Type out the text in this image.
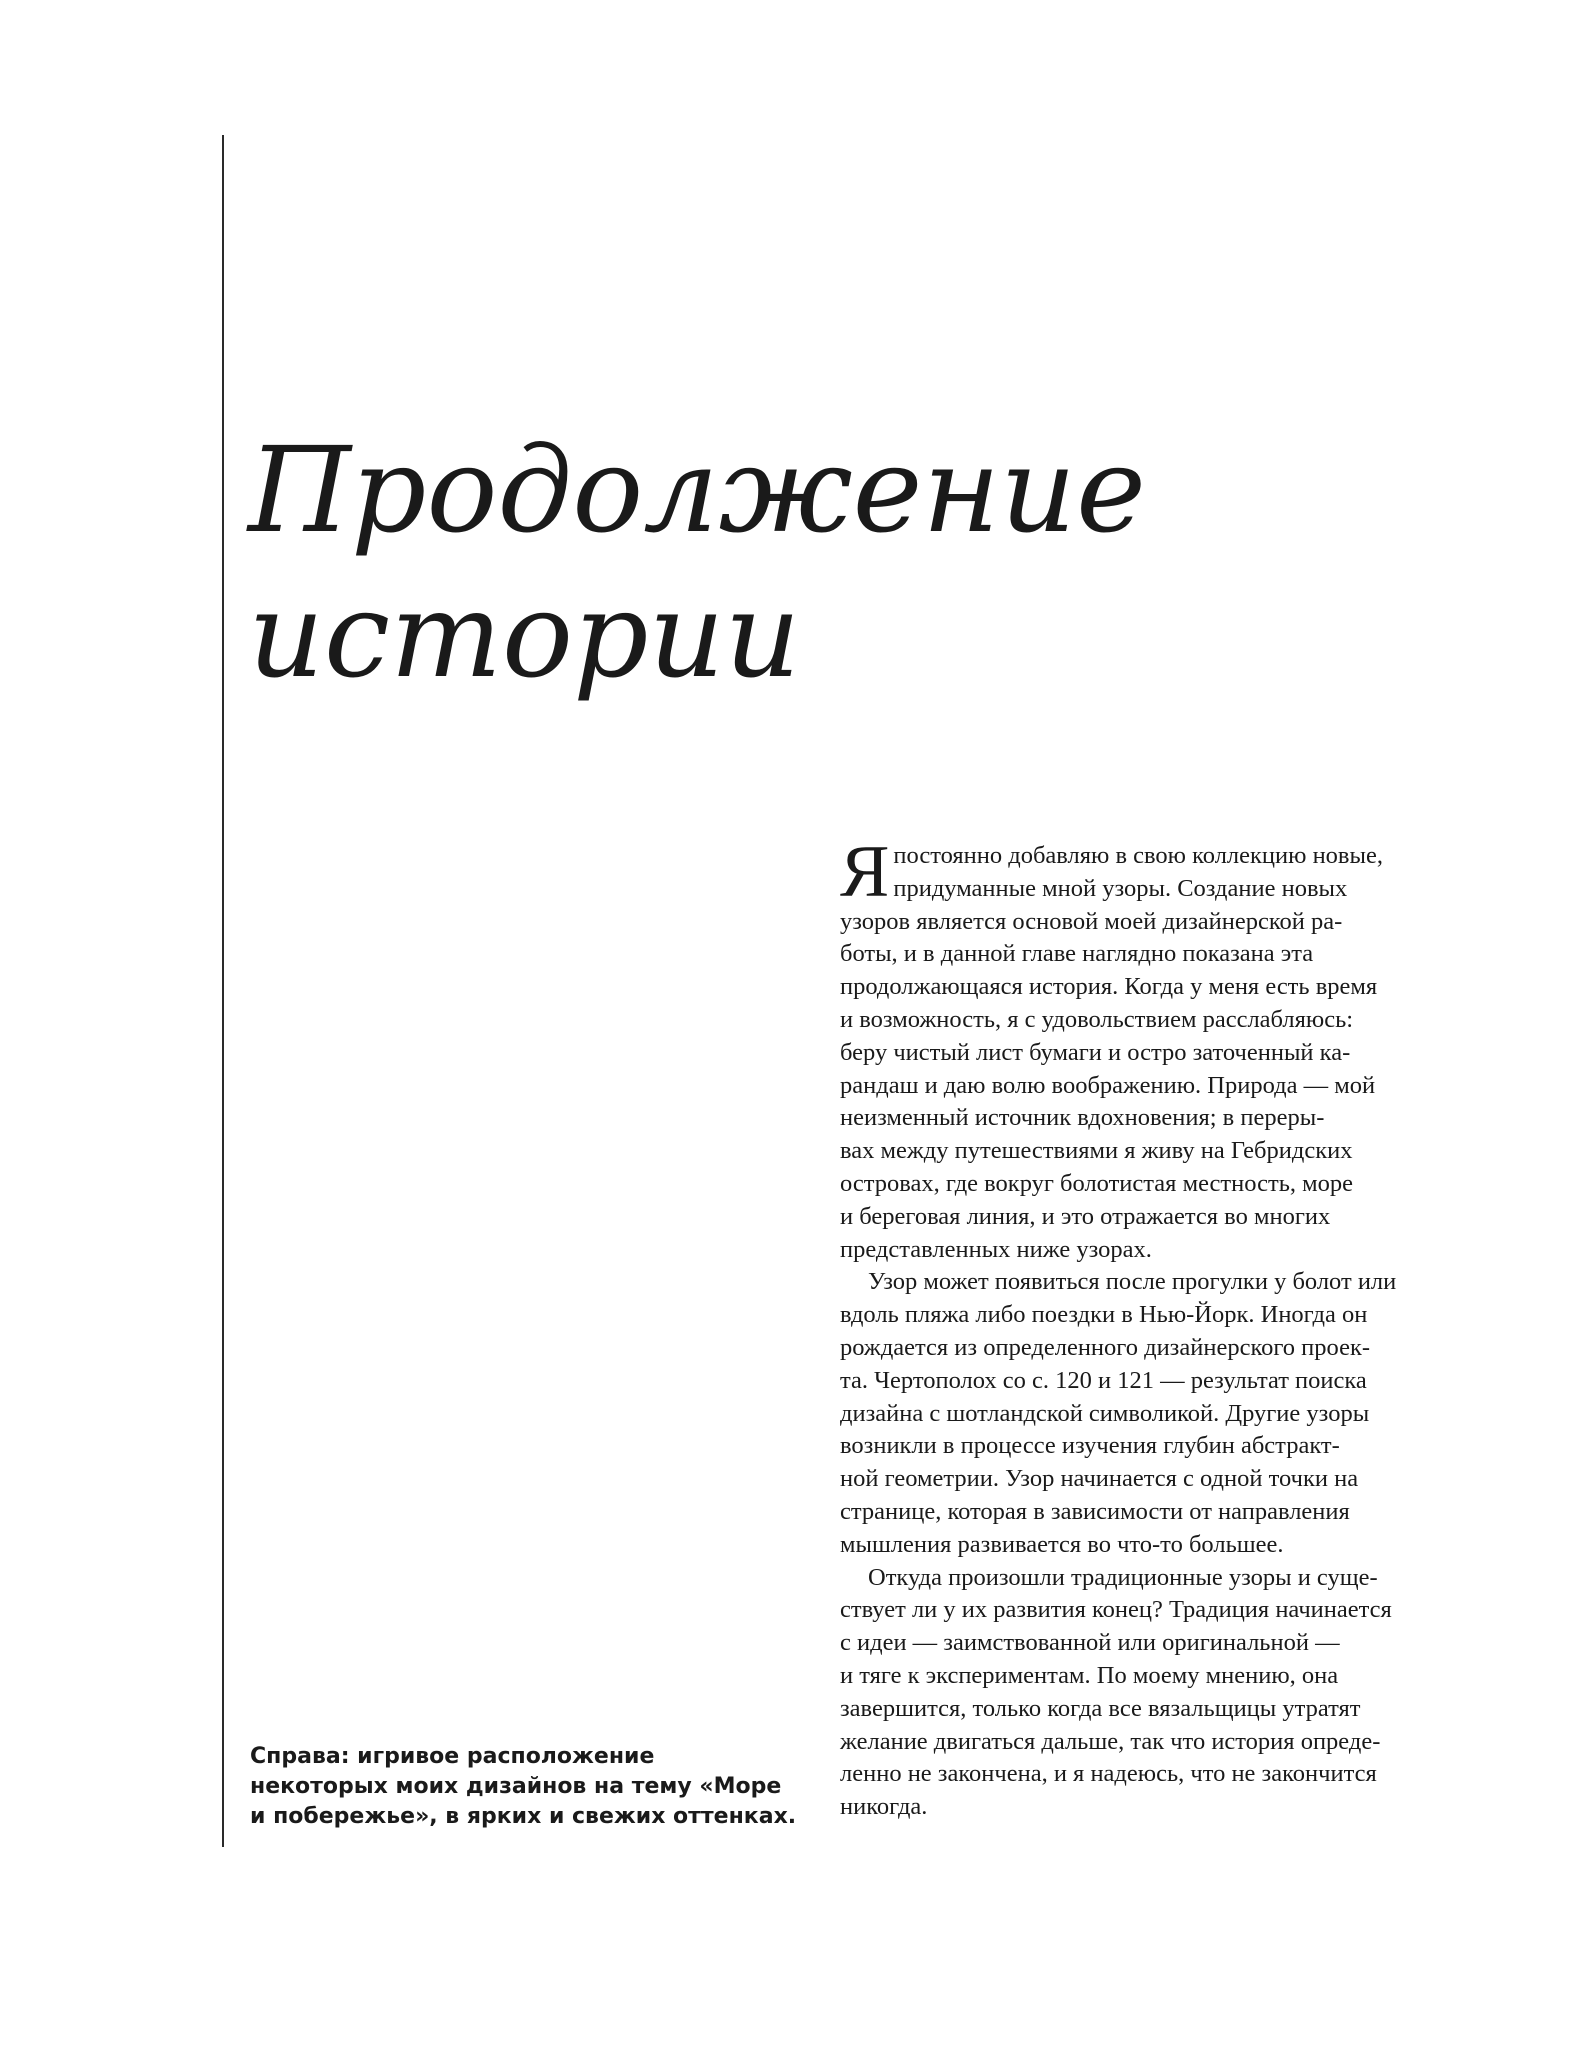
Продолжение
истории

Я постоянно добавляю в свою коллекцию новые,
придуманные мной узоры. Создание новых
узоров является основой моей дизайнерской ра-
боты, и в данной главе наглядно показана эта
продолжающаяся история. Когда у меня есть время
и возможность, я с удовольствием расслабляюсь:
беру чистый лист бумаги и остро заточенный ка-
рандаш и даю волю воображению. Природа — мой
неизменный источник вдохновения; в переры-
вах между путешествиями я живу на Гебридских
островах, где вокруг болотистая местность, море
и береговая линия, и это отражается во многих
представленных ниже узорах.

Узор может появиться после прогулки у болот или
вдоль пляжа либо поездки в Нью-Йорк. Иногда он
рождается из определенного дизайнерского проек-
та. Чертополох со с. 120 и 121 — результат поиска
дизайна с шотландской символикой. Другие узоры
возникли в процессе изучения глубин абстракт-
ной геометрии. Узор начинается с одной точки на
странице, которая в зависимости от направления
мышления развивается во что-то большее.

Откуда произошли традиционные узоры и суще-
ствует ли у их развития конец? Традиция начинается
с идеи — заимствованной или оригинальной —
и тяге к экспериментам. По моему мнению, она
завершится, только когда все вязальщицы утратят
желание двигаться дальше, так что история опреде-
ленно не закончена, и я надеюсь, что не закончится
никогда.

Справа: игривое расположение
некоторых моих дизайнов на тему «Море
и побережье», в ярких и свежих оттенках.
